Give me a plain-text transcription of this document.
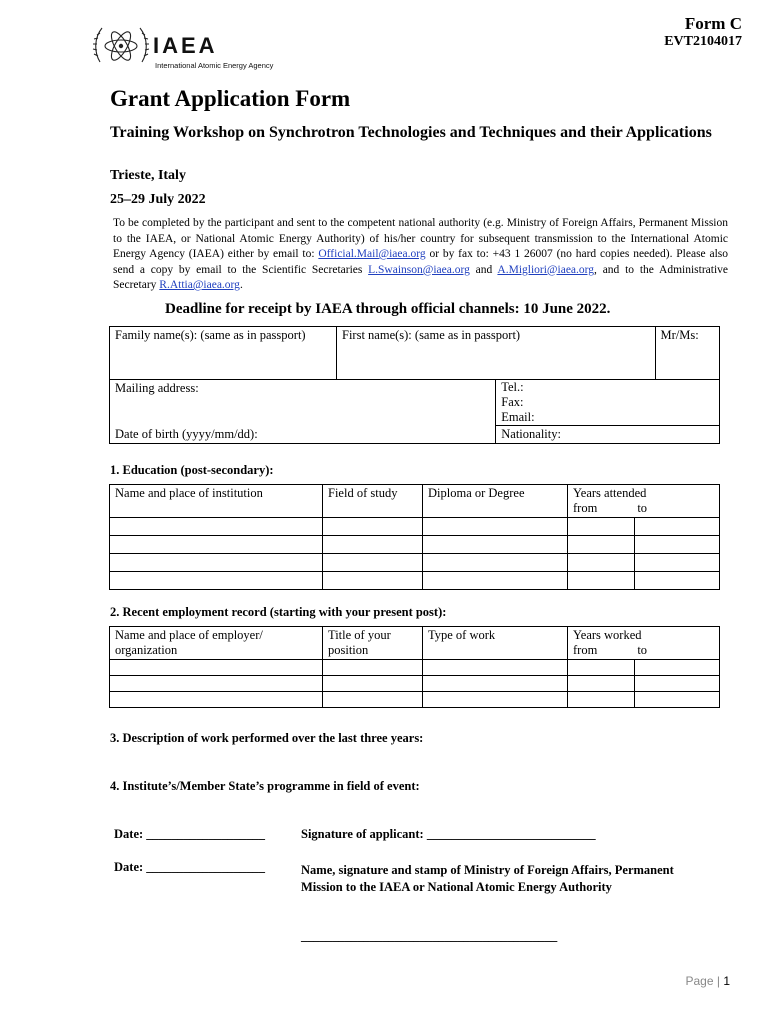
IAEA
International Atomic Energy Agency
Form C
EVT2104017
Grant Application Form
Training Workshop on Synchrotron Technologies and Techniques and their Applications
Trieste, Italy
25–29 July 2022
To be completed by the participant and sent to the competent national authority (e.g. Ministry of Foreign Affairs, Permanent Mission to the IAEA, or National Atomic Energy Authority) of his/her country for subsequent transmission to the International Atomic Energy Agency (IAEA) either by email to: Official.Mail@iaea.org or by fax to: +43 1 26007 (no hard copies needed). Please also send a copy by email to the Scientific Secretaries L.Swainson@iaea.org and A.Migliori@iaea.org, and to the Administrative Secretary R.Attia@iaea.org.
Deadline for receipt by IAEA through official channels: 10 June 2022.
Family name(s): (same as in passport)	First name(s): (same as in passport)		Mr/Ms:
Mailing address:		Tel.:
Fax:
Email:	

Date of birth (yyyy/mm/dd):		Nationality:	
1. Education (post-secondary):
Name and place of institution	Field of study	Diploma or Degree	Years attended
from to	

2. Recent employment record (starting with your present post):
Name and place of employer/ organization	Title of your position	Type of work	Years worked
from to	

3. Description of work performed over the last three years:
4. Institute’s/Member State’s programme in field of event:
Date: ___________________	Signature of applicant: ___________________________
Date: ___________________	Name, signature and stamp of Ministry of Foreign Affairs, Permanent Mission to the IAEA or National Atomic Energy Authority
_________________________________________
Page | 1
